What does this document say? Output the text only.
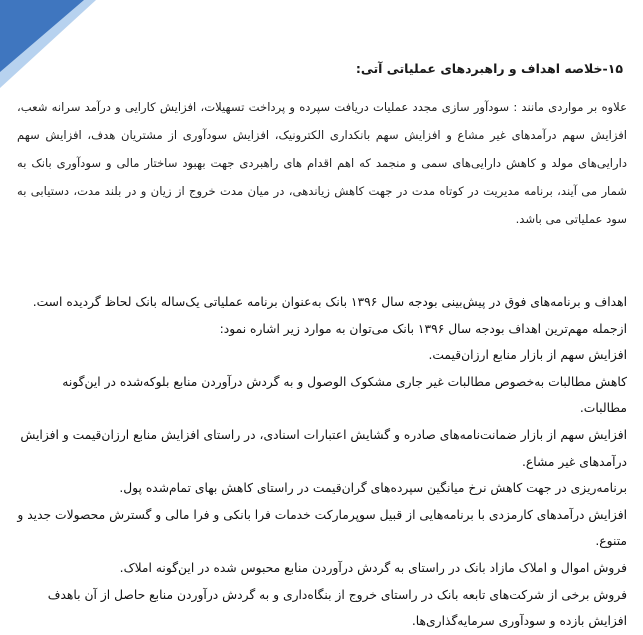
۱۵-خلاصه اهداف و راهبردهای عملیاتی آتی:

علاوه بر مواردی مانند : سودآور سازی مجدد عملیات دریافت سپرده و پرداخت تسهیلات، افزایش کارایی و درآمد سرانه شعب، افزایش سهم درآمدهای غیر مشاع و افزایش سهم بانکداری الکترونیک، افزایش سودآوری از مشتریان هدف، افزایش سهم دارایی‌های مولد و کاهش دارایی‌های سمی و منجمد که اهم اقدام های راهبردی جهت بهبود ساختار مالی و سودآوری بانک به شمار می آیند، برنامه مدیریت در کوتاه مدت در جهت کاهش زیاندهی، در میان مدت خروج از زیان و در بلند مدت، دستیابی به سود عملیاتی می باشد.

اهداف و برنامه‌های فوق در پیش‌بینی بودجه سال ۱۳۹۶ بانک به‌عنوان برنامه عملیاتی یک‌ساله بانک لحاظ گردیده است.

ازجمله مهم‌ترین اهداف بودجه سال ۱۳۹۶ بانک می‌توان به موارد زیر اشاره نمود:

افزایش سهم از بازار منابع ارزان‌قیمت.

کاهش مطالبات به‌خصوص مطالبات غیر جاری مشکوک الوصول و به گردش درآوردن منابع بلوکه‌شده در این‌گونه مطالبات.

افزایش سهم از بازار ضمانت‌نامه‌های صادره و گشایش اعتبارات اسنادی، در راستای افزایش منابع ارزان‌قیمت و افزایش

درآمدهای غیر مشاع.

برنامه‌ریزی در جهت کاهش نرخ میانگین سپرده‌های گران‌قیمت در راستای کاهش بهای تمام‌شده پول.

افزایش درآمدهای کارمزدی با برنامه‌هایی از قبیل سوپرمارکت خدمات فرا بانکی و فرا مالی و گسترش محصولات جدید و

متنوع.

فروش اموال و املاک مازاد بانک در راستای به گردش درآوردن منابع محبوس شده در این‌گونه املاک.

فروش برخی از شرکت‌های تابعه بانک در راستای خروج از بنگاه‌داری و به گردش درآوردن منابع حاصل از آن باهدف

افزایش بازده و سودآوری سرمایه‌گذاری‌ها.
